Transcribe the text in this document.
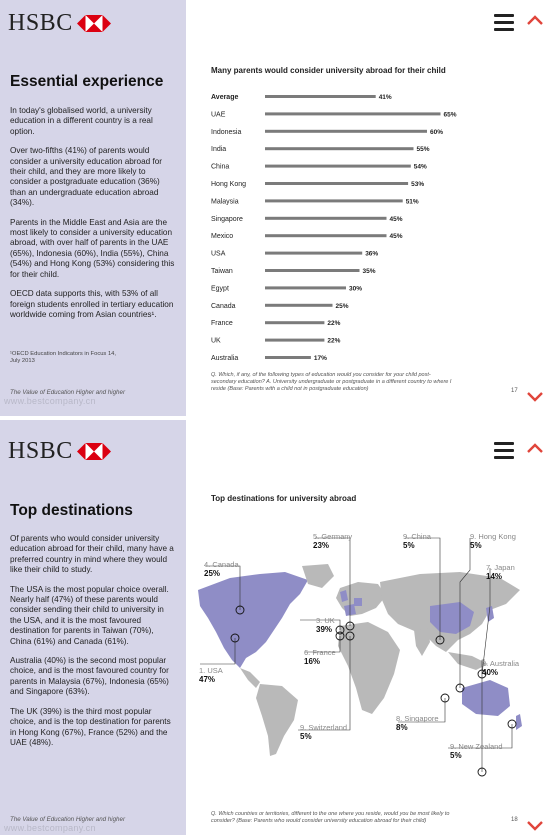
HSBC
Essential experience

In today's globalised world, a university education in a different country is a real option.

Over two-fifths (41%) of parents would consider a university education abroad for their child, and they are more likely to consider a postgraduate education (36%) than an undergraduate education abroad (34%).

Parents in the Middle East and Asia are the most likely to consider a university education abroad, with over half of parents in the UAE (65%), Indonesia (60%), India (55%), China (54%) and Hong Kong (53%) considering this for their child.

OECD data supports this, with 53% of all foreign students enrolled in tertiary education worldwide coming from Asian countries¹.

¹OECD Education Indicators in Focus 14,
July 2013
The Value of Education Higher and higher
www.bestcompany.cn
Many parents would consider university abroad for their child
Average	41%
UAE	65%
Indonesia	60%
India	55%
China	54%
Hong Kong	53%
Malaysia	51%
Singapore	45%
Mexico	45%
USA	36%
Taiwan	35%
Egypt	30%
Canada	25%
France	22%
UK	22%
Australia	17%
Q. Which, if any, of the following types of education would you consider for your child post-
secondary education? A. University undergraduate or postgraduate in a different country to where I
reside (Base: Parents with a child not in postgraduate education)	17
HSBC
Top destinations

Of parents who would consider university education abroad for their child, many have a preferred country in mind where they would like their child to study.

The USA is the most popular choice overall. Nearly half (47%) of these parents would consider sending their child to university in the USA, and it is the most favoured destination for parents in Taiwan (70%), China (61%) and Canada (61%).

Australia (40%) is the second most popular choice, and is the most favoured country for parents in Malaysia (67%), Indonesia (65%) and Singapore (63%).

The UK (39%) is the third most popular choice, and is the top destination for parents in Hong Kong (67%), France (52%) and the UAE (48%).

The Value of Education Higher and higher
www.bestcompany.cn
Top destinations for university abroad
1. USA
47%
2. Australia
40%
3. UK
39%
4. Canada
25%
5. Germany
23%
6. France
16%
7. Japan
14%
8. Singapore
8%
9. China
5%
9. Hong Kong
5%
9. Switzerland
5%
9. New Zealand
5%
Q. Which countries or territories, different to the one where you reside, would you be most likely to
consider? (Base: Parents who would consider university education abroad for their child)	18
